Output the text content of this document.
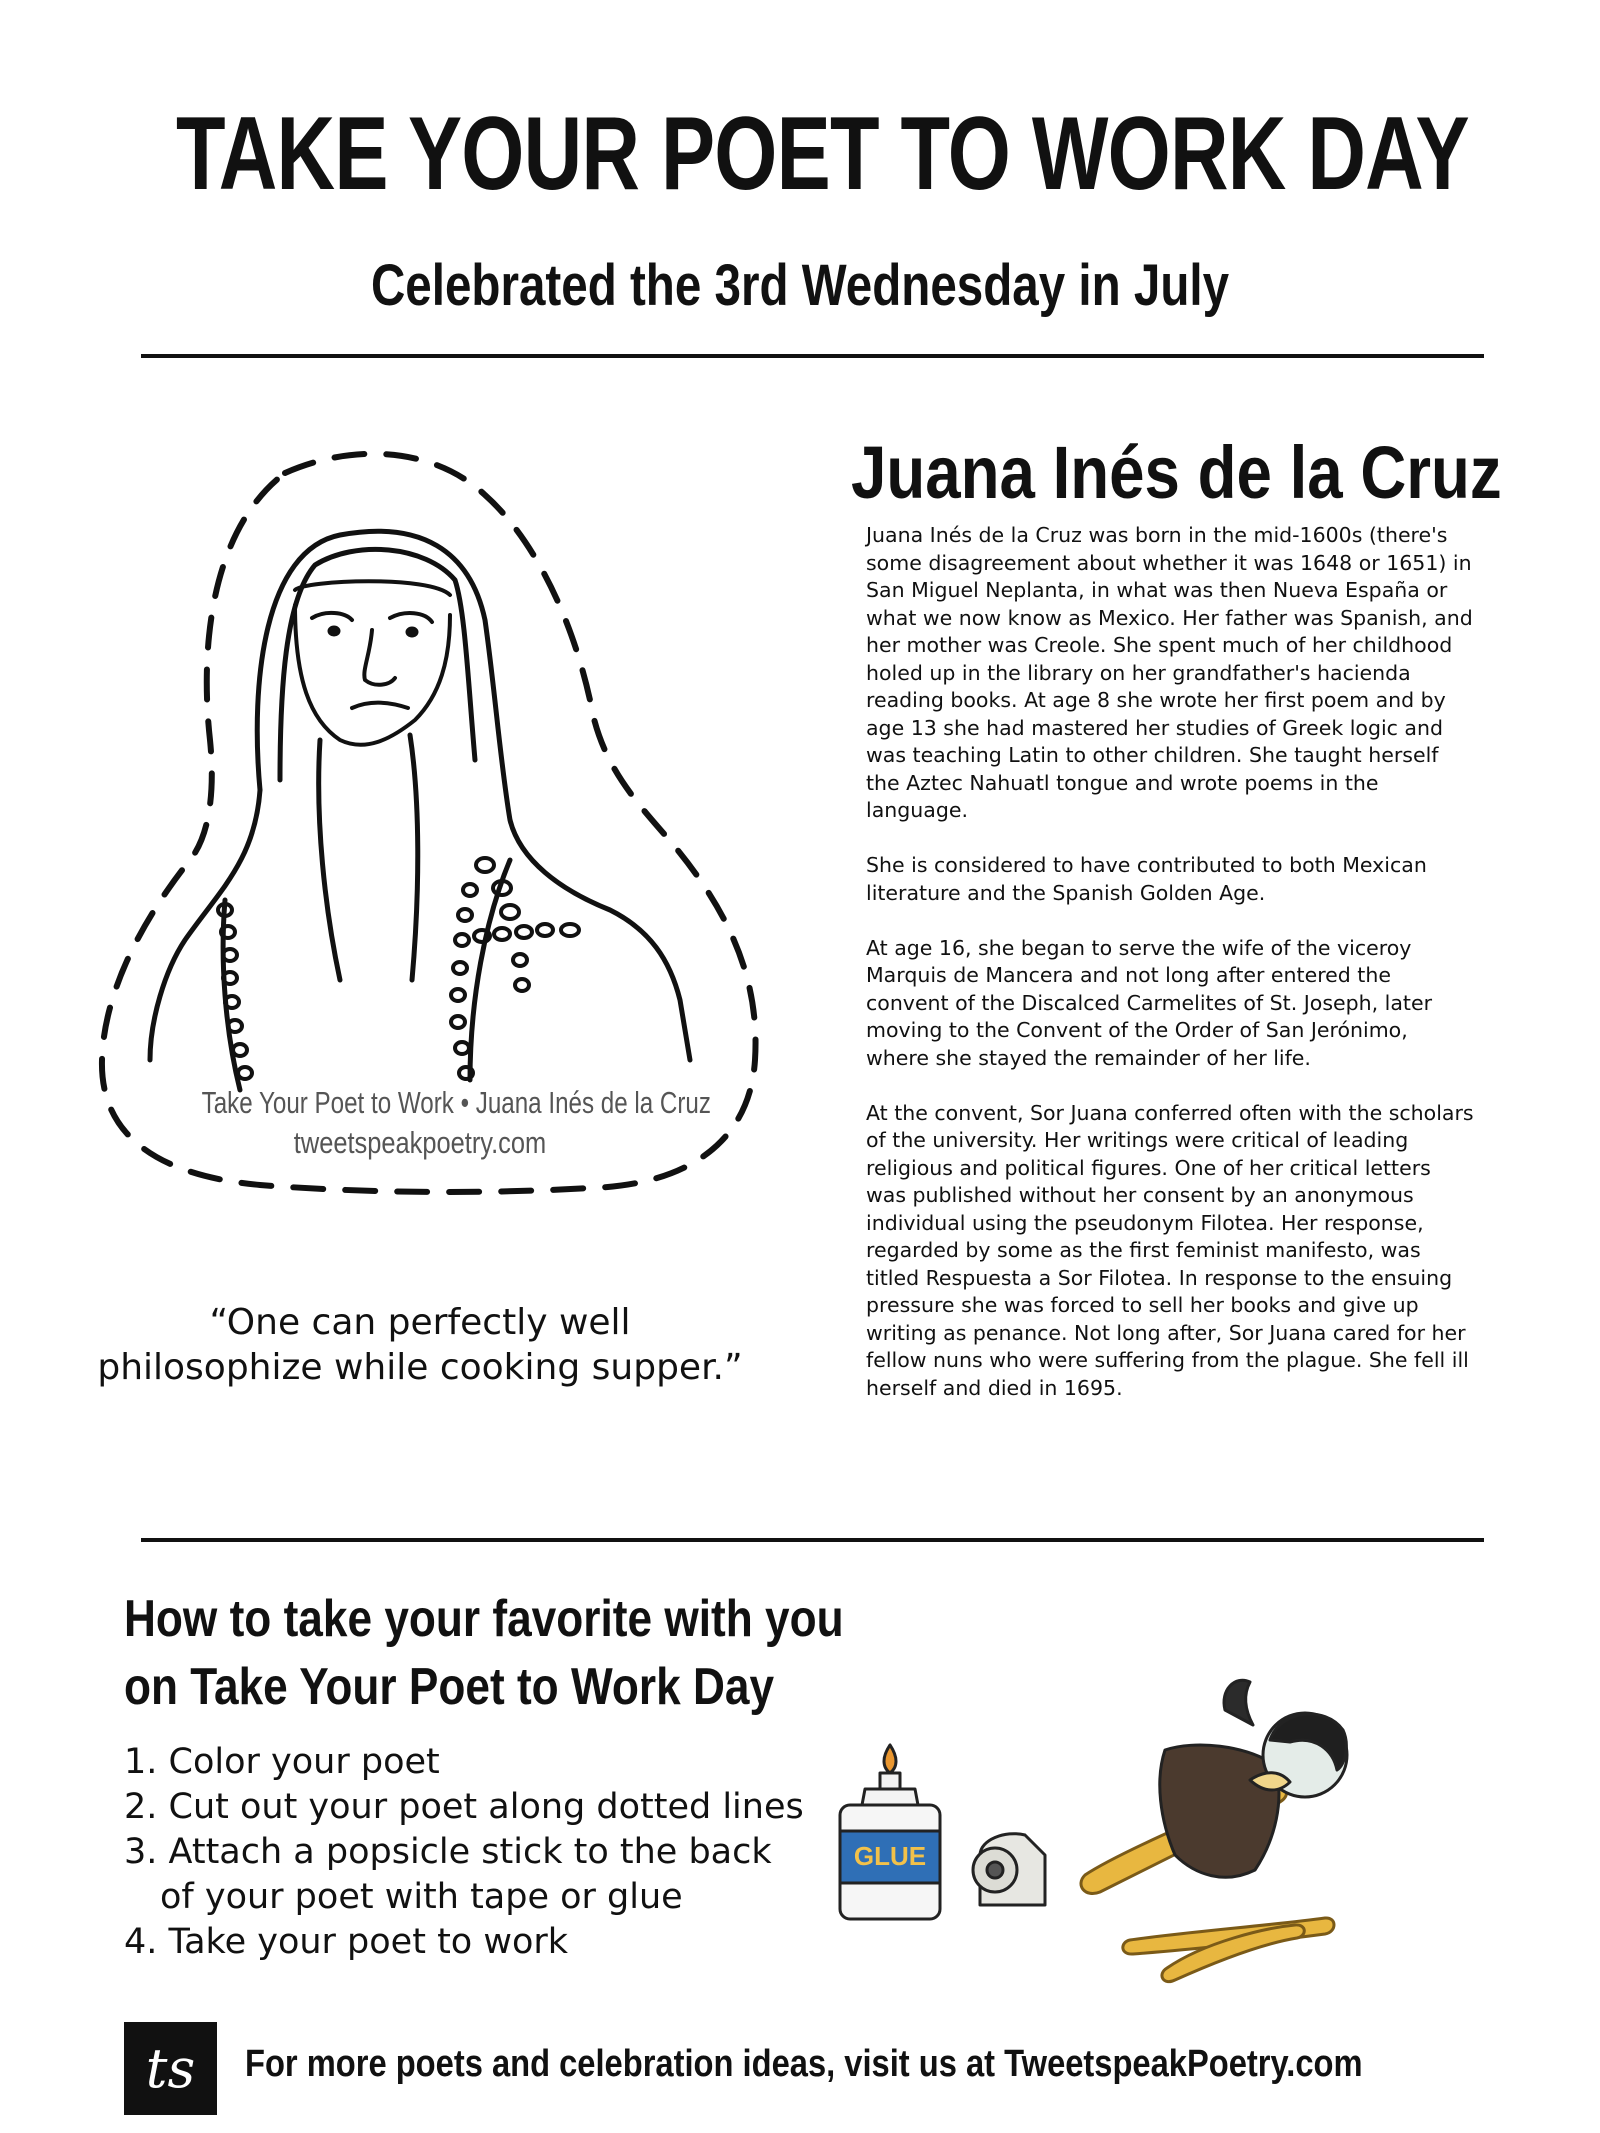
TAKE YOUR POET TO WORK DAY
Celebrated the 3rd Wednesday in July
Take Your Poet to Work • Juana Inés de la Cruz
tweetspeakpoetry.com
“One can perfectly well
philosophize while cooking supper.”
Juana Inés de la Cruz

Juana Inés de la Cruz was born in the mid-1600s (there's some disagreement about whether it was 1648 or 1651) in San Miguel Neplanta, in what was then Nueva España or what we now know as Mexico. Her father was Spanish, and her mother was Creole. She spent much of her childhood holed up in the library on her grandfather's hacienda reading books. At age 8 she wrote her first poem and by age 13 she had mastered her studies of Greek logic and was teaching Latin to other children. She taught herself the Aztec Nahuatl tongue and wrote poems in the language.

She is considered to have contributed to both Mexican literature and the Spanish Golden Age.

At age 16, she began to serve the wife of the viceroy Marquis de Mancera and not long after entered the convent of the Discalced Carmelites of St. Joseph, later moving to the Convent of the Order of San Jerónimo, where she stayed the remainder of her life.

At the convent, Sor Juana conferred often with the scholars of the university. Her writings were critical of leading religious and political figures. One of her critical letters was published without her consent by an anonymous individual using the pseudonym Filotea. Her response, regarded by some as the first feminist manifesto, was titled Respuesta a Sor Filotea. In response to the ensuing pressure she was forced to sell her books and give up writing as penance. Not long after, Sor Juana cared for her fellow nuns who were suffering from the plague. She fell ill herself and died in 1695.

How to take your favorite with you
on Take Your Poet to Work Day
1. Color your poet
2. Cut out your poet along dotted lines
3. Attach a popsicle stick to the back
of your poet with tape or glue
4. Take your poet to work
GLUE
ts	For more poets and celebration ideas, visit us at TweetspeakPoetry.com
